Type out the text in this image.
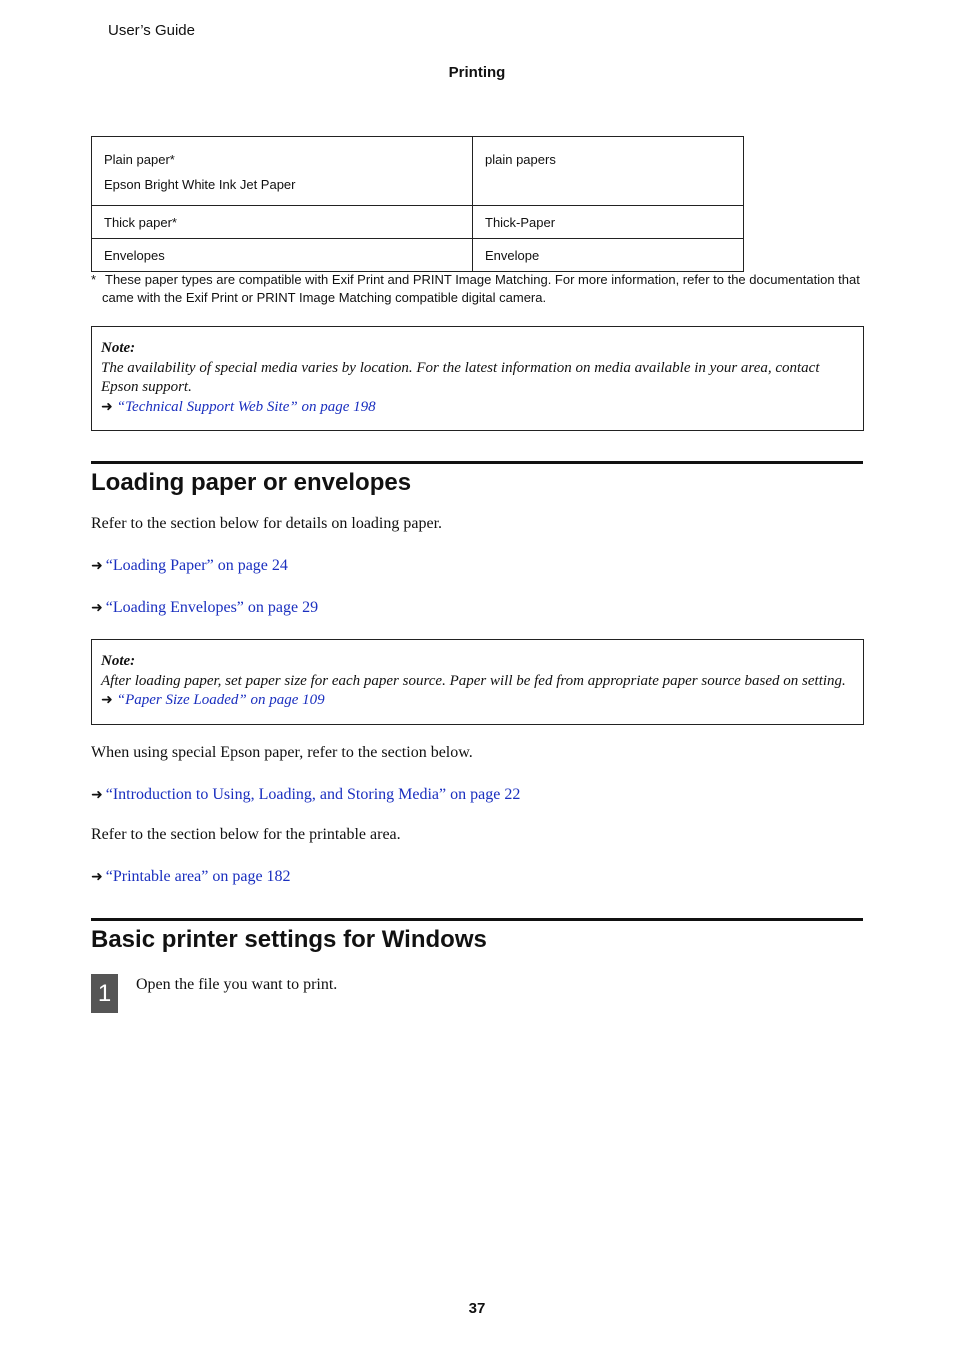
User’s Guide
Printing
Plain paper*
Epson Bright White Ink Jet Paper	plain papers

Thick paper*	Thick-Paper
Envelopes	Envelope
* These paper types are compatible with Exif Print and PRINT Image Matching. For more information, refer to the documentation that came with the Exif Print or PRINT Image Matching compatible digital camera.
Note:
The availability of special media varies by location. For the latest information on media available in your area, contact Epson support.
➜ “Technical Support Web Site” on page 198
Loading paper or envelopes
Refer to the section below for details on loading paper.
➜ “Loading Paper” on page 24
➜ “Loading Envelopes” on page 29
Note:
After loading paper, set paper size for each paper source. Paper will be fed from appropriate paper source based on setting.
➜ “Paper Size Loaded” on page 109
When using special Epson paper, refer to the section below.
➜ “Introduction to Using, Loading, and Storing Media” on page 22
Refer to the section below for the printable area.
➜ “Printable area” on page 182
Basic printer settings for Windows
1	Open the file you want to print.
37
